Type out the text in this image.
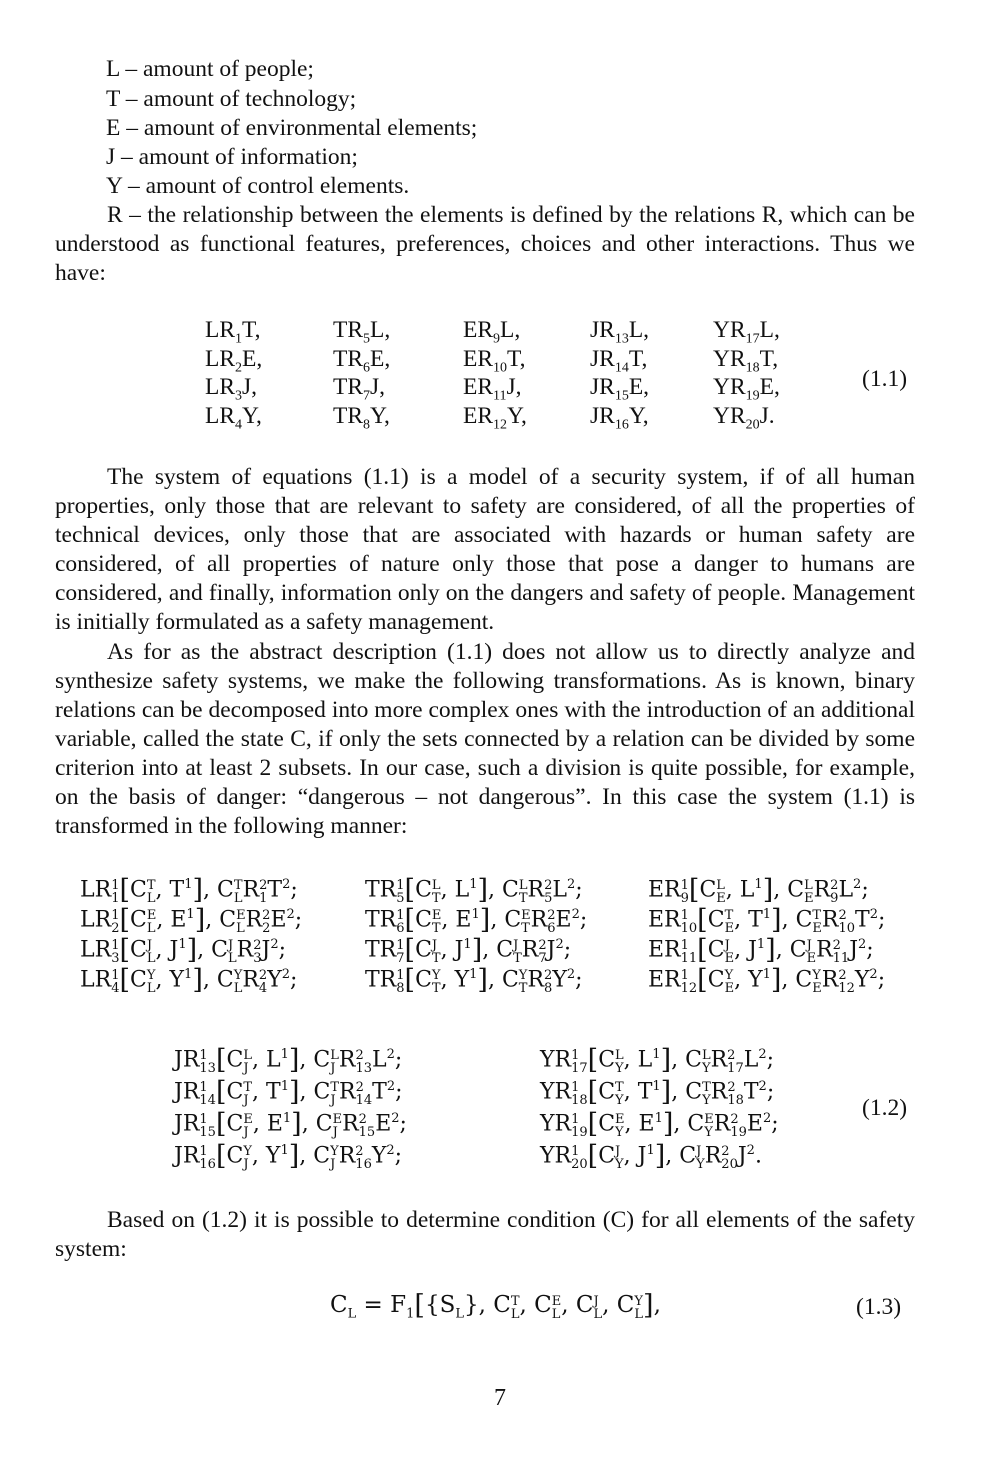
L – amount of people;
T – amount of technology;
E – amount of environmental elements;
J – amount of information;
Y – amount of control elements.
R – the relationship between the elements is defined by the relations R, which can be understood as functional features, preferences, choices and other interactions. Thus we have:
$LR_1T$,
$LR_2E$,
$LR_3J$,
$LR_4Y$,
$TR_5L$,
$TR_6E$,
$TR_7J$,
$TR_8Y$,
$ER_9L$,
$ER_{10}T$,
$ER_{11}J$,
$ER_{12}Y$,
$JR_{13}L$,
$JR_{14}T$,
$JR_{15}E$,
$JR_{16}Y$,
$YR_{17}L$,
$YR_{18}T$,
$YR_{19}E$,
$YR_{20}J$.
(1.1)
The system of equations (1.1) is a model of a security system, if of all human properties, only those that are relevant to safety are considered, of all the properties of technical devices, only those that are associated with hazards or human safety are considered, of all properties of nature only those that pose a danger to humans are considered, and finally, information only on the dangers and safety of people. Management is initially formulated as a safety management.
As for as the abstract description (1.1) does not allow us to directly analyze and synthesize safety systems, we make the following transformations. As is known, binary relations can be decomposed into more complex ones with the introduction of an additional variable, called the state C, if only the sets connected by a relation can be divided by some criterion into at least 2 subsets. In our case, such a division is quite possible, for example, on the basis of danger: “dangerous – not dangerous”. In this case the system (1.1) is transformed in the following manner:
LR 1
1 [C T
L , $T^1$], C T
L R 2
1 $T^2$;
LR 1
2 [C E
L , $E^1$], C E
L R 2
2 $E^2$;
LR 1
3 [C J
L , $J^1$], C J
L R 2
3 $J^2$;
LR 1
4 [C Y
L , $Y^1$], C Y
L R 2
4 $Y^2$;
TR 1
5 [C L
T , $L^1$], C L
T R 2
5 $L^2$;
TR 1
6 [C E
T , $E^1$], C E
T R 2
6 $E^2$;
TR 1
7 [C J
T , $J^1$], C J
T R 2
7 $J^2$;
TR 1
8 [C Y
T , $Y^1$], C Y
T R 2
8 $Y^2$;
ER 1
9 [C L
E , $L^1$], C L
E R 2
9 $L^2$;
ER 1
10 [C T
E , $T^1$], C T
E R 2
10 $T^2$;
ER 1
11 [C J
E , $J^1$], C J
E R 2
11 $J^2$;
ER 1
12 [C Y
E , $Y^1$], C Y
E R 2
12 $Y^2$;
JR 1
13 [C L
J , $L^1$], C L
J R 2
13 $L^2$;
JR 1
14 [C T
J , $T^1$], C T
J R 2
14 $T^2$;
JR 1
15 [C E
J , $E^1$], C E
J R 2
15 $E^2$;
JR 1
16 [C Y
J , $Y^1$], C Y
J R 2
16 $Y^2$;
YR 1
17 [C L
Y , $L^1$], C L
Y R 2
17 $L^2$;
YR 1
18 [C T
Y , $T^1$], C T
Y R 2
18 $T^2$;
YR 1
19 [C E
Y , $E^1$], C E
Y R 2
19 $E^2$;
YR 1
20 [C J
Y , $J^1$], C J
Y R 2
20 $J^2$.
(1.2)
Based on (1.2) it is possible to determine condition (C) for all elements of the safety system:
$C_L = F_1[\{S_L\}$, C T
L , C E
L , C J
L , C Y
L ],	(1.3)
7
